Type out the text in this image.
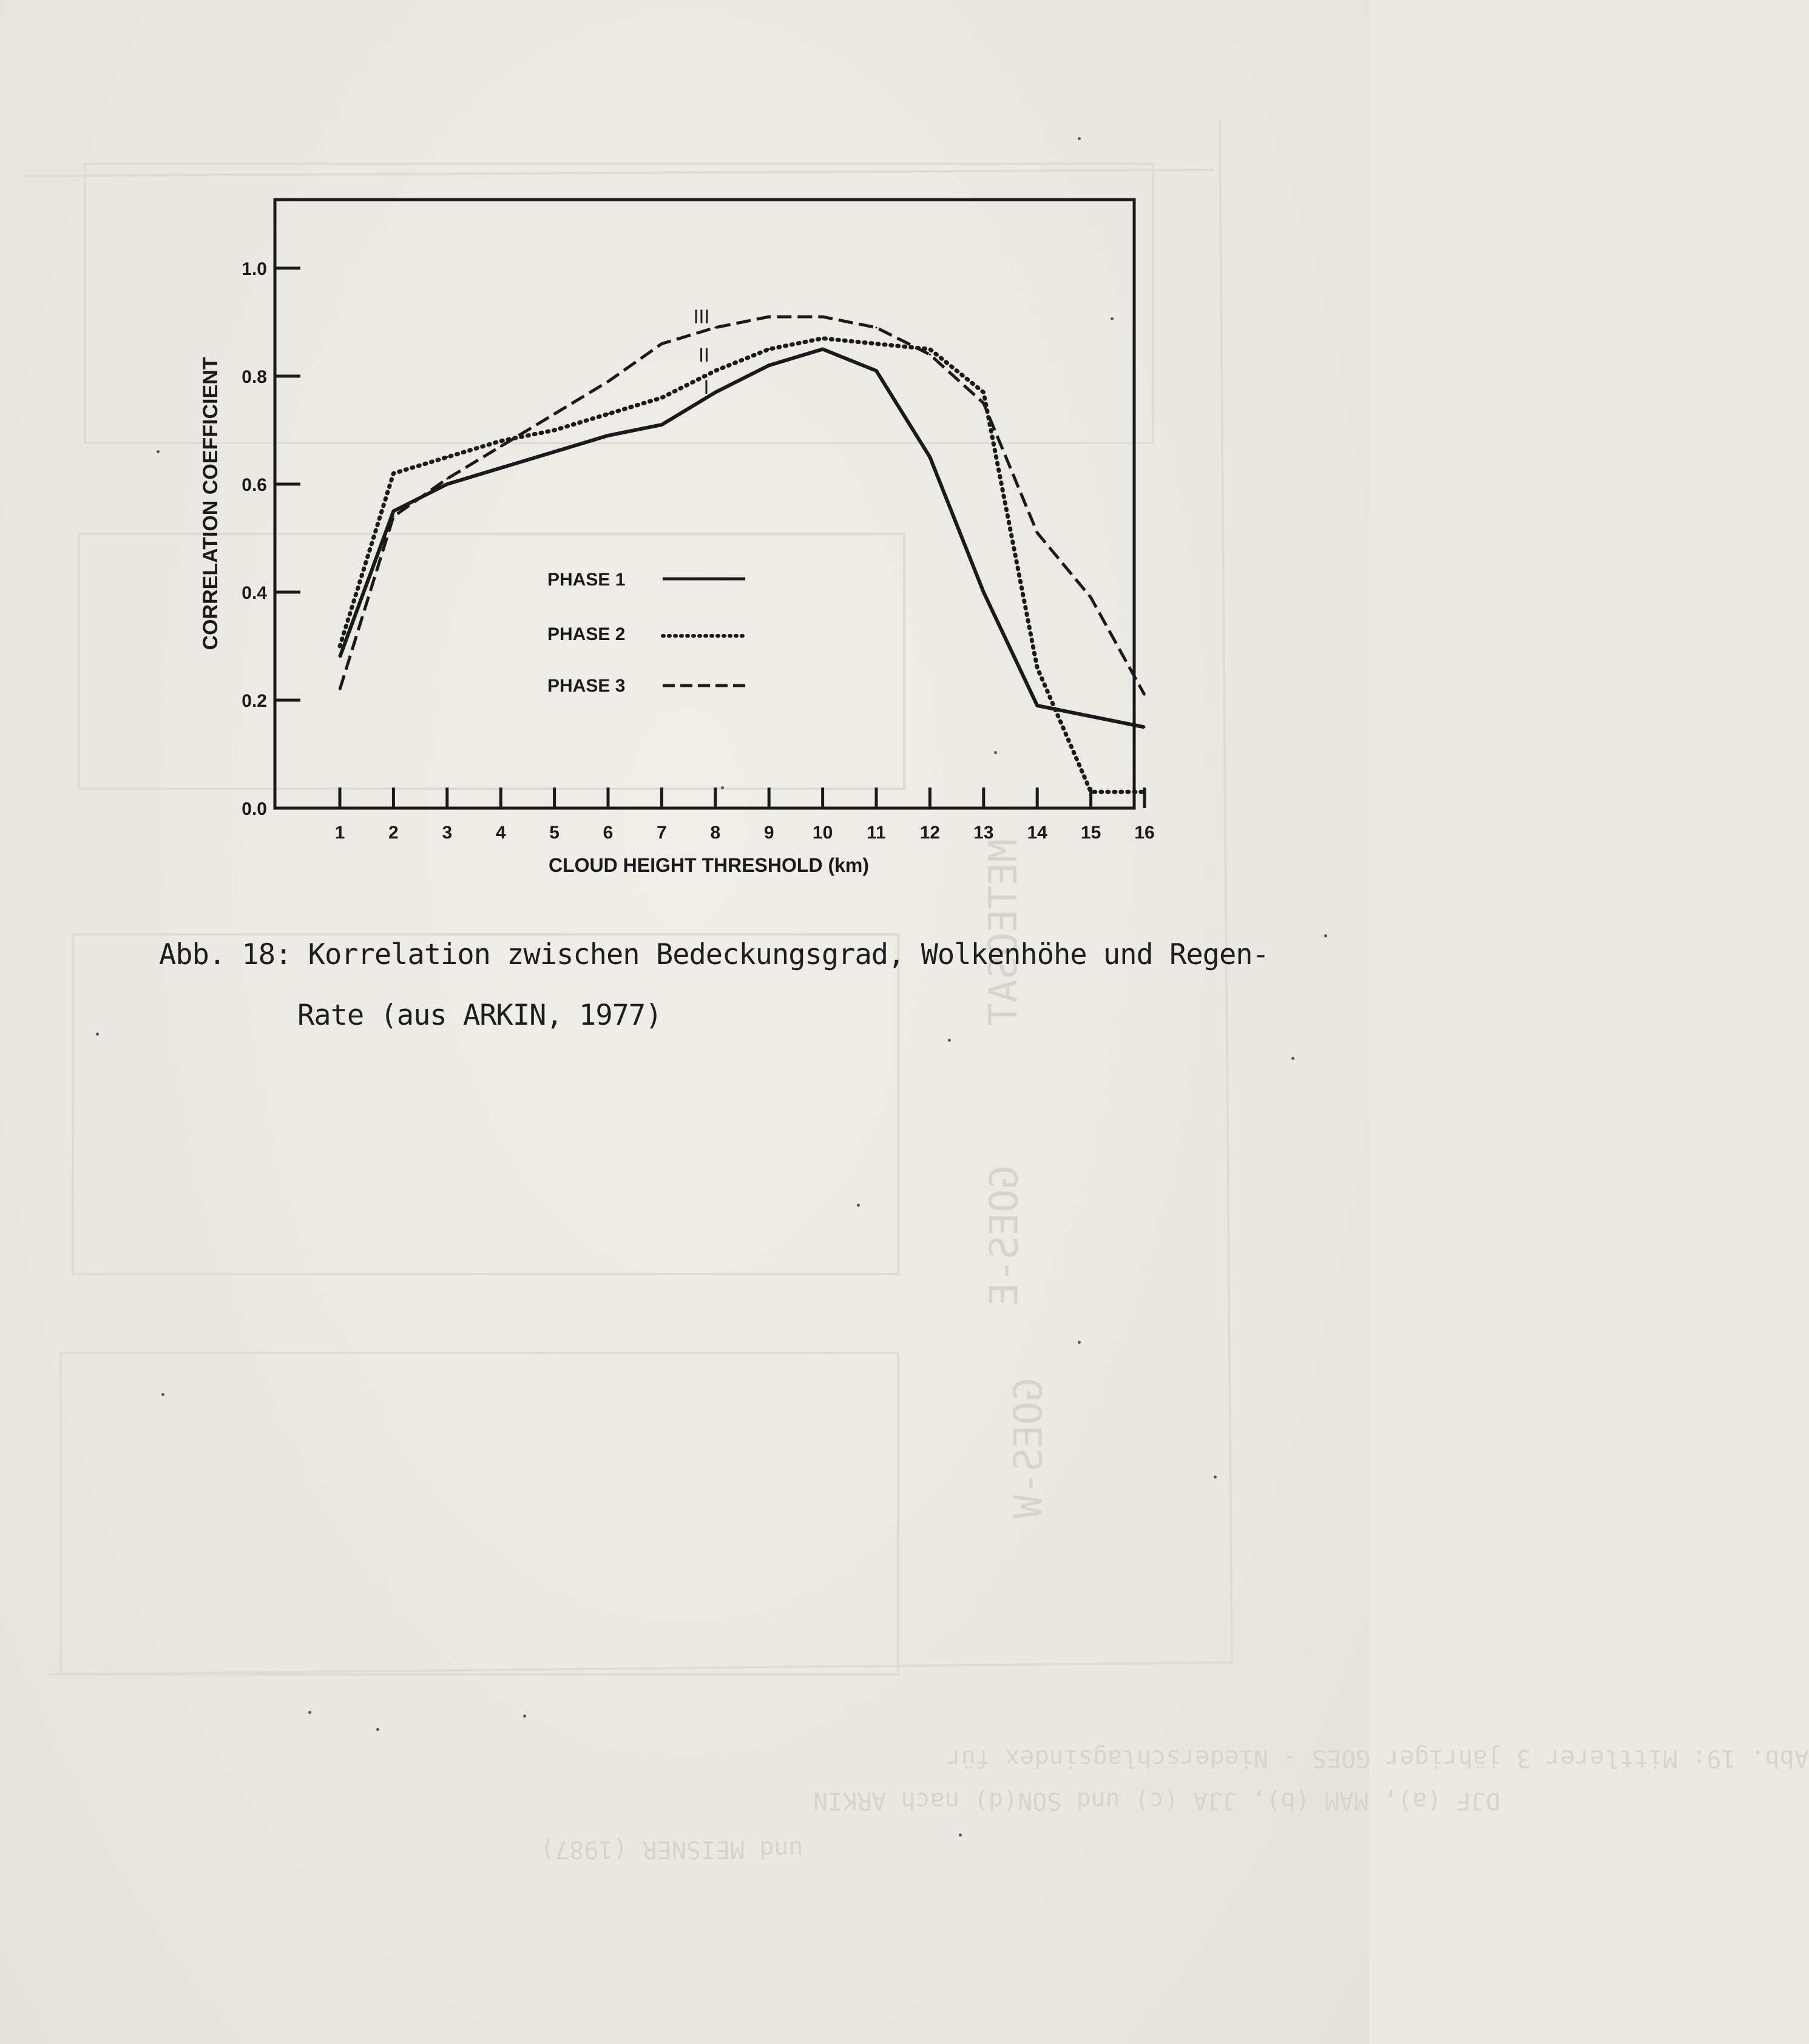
Abb. 19: Mittlerer 3 jähriger GOES - Niederschlagsindex für
DJF (a), MAM (b), JJA (c) und SON(d) nach ARKIN
und MEISNER (1987)
GOES-W
GOES-E
METEOSAT
1 2 3 4 5 6 7 8 9 10 11 12 13 14 15 16
0.0
0.2
0.4
0.6
0.8
1.0
III
II
I
PHASE 1
PHASE 2
PHASE 3
CORRELATION COEFFICIENT
CLOUD HEIGHT THRESHOLD (km)
Abb. 18: Korrelation zwischen Bedeckungsgrad, Wolkenhöhe und Regen-
Rate (aus ARKIN, 1977)
